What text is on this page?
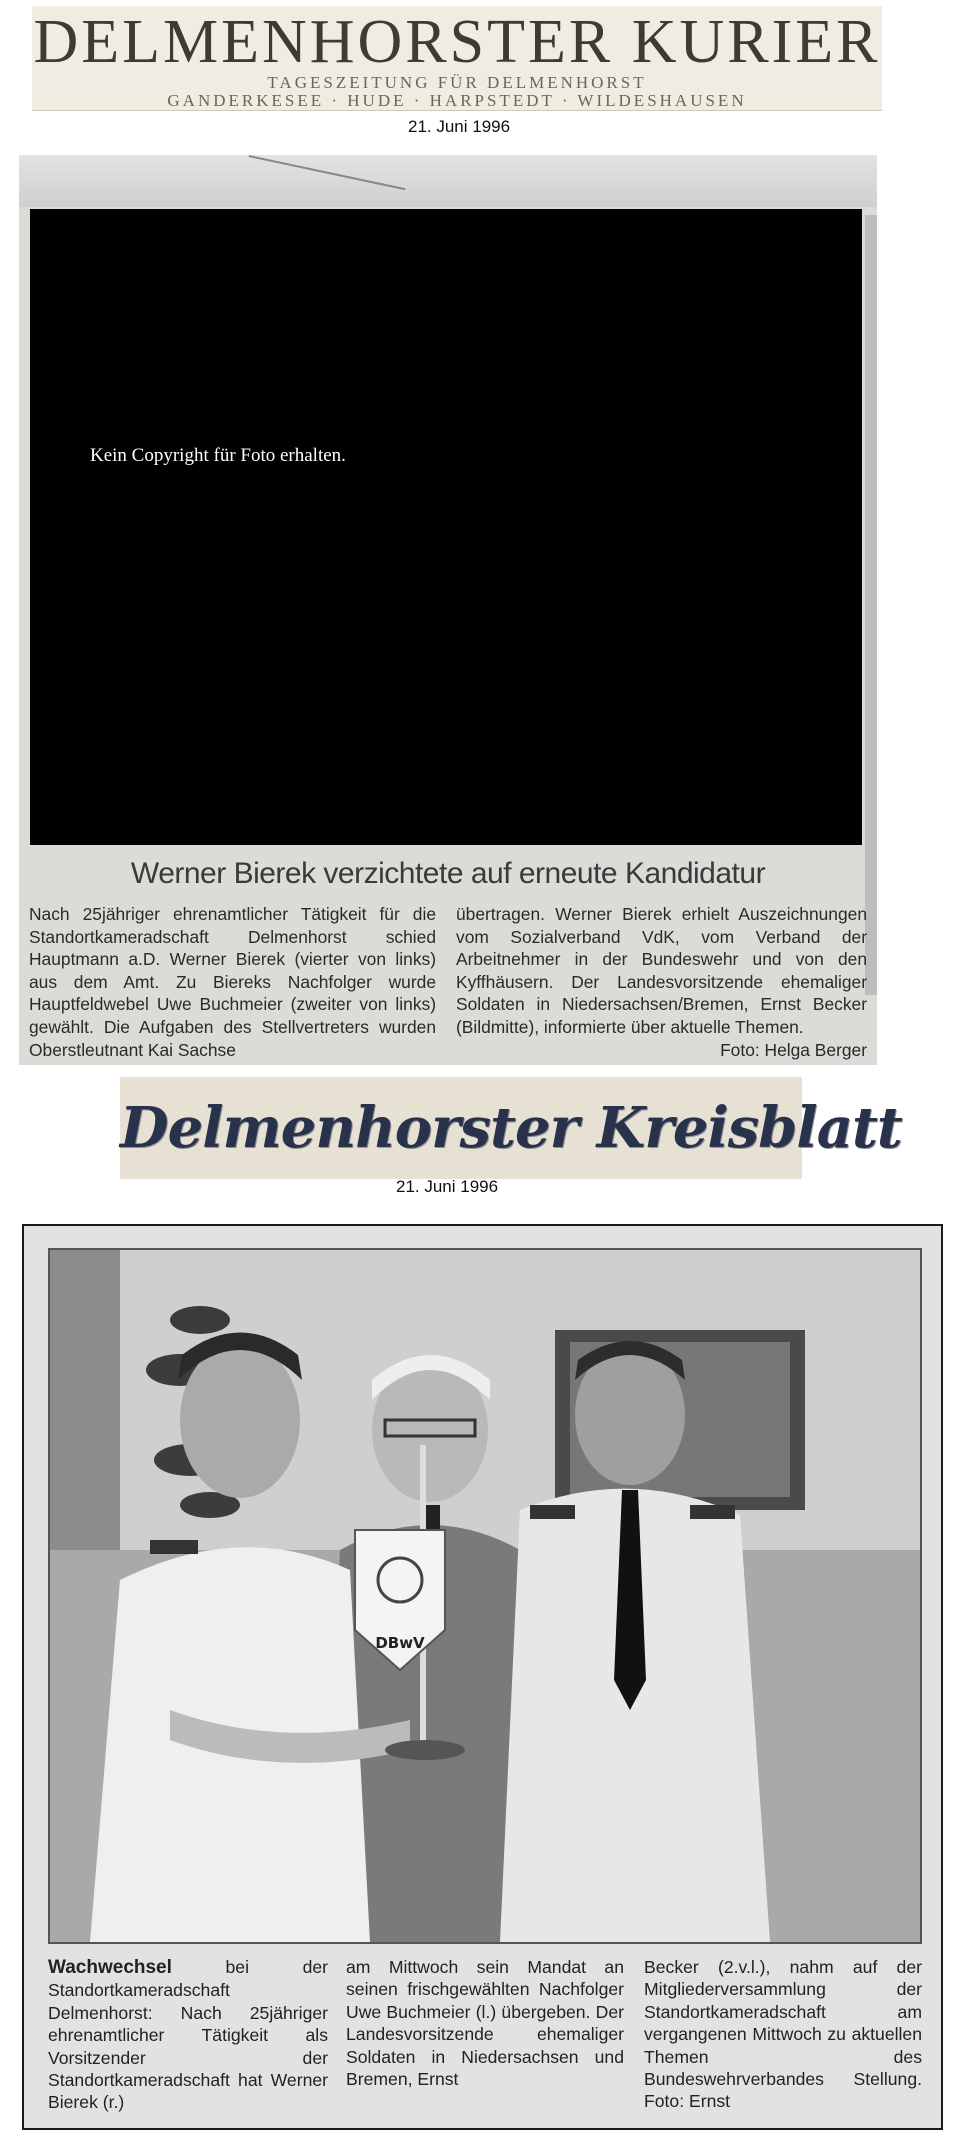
DELMENHORSTER KURIER
TAGESZEITUNG FÜR DELMENHORST
GANDERKESEE · HUDE · HARPSTEDT · WILDESHAUSEN
21. Juni 1996
Kein Copyright für Foto erhalten.
Werner Bierek verzichtete auf erneute Kandidatur
Nach 25jähriger ehrenamtlicher Tätigkeit für die Standortkameradschaft Delmenhorst schied Hauptmann a.D. Werner Bierek (vierter von links) aus dem Amt. Zu Biereks Nachfolger wurde Hauptfeldwebel Uwe Buchmeier (zweiter von links) gewählt. Die Aufgaben des Stellvertreters wurden Oberstleutnant Kai Sachse
übertragen. Werner Bierek erhielt Auszeichnungen vom Sozialverband VdK, vom Verband der Arbeitnehmer in der Bundeswehr und von den Kyffhäusern. Der Landesvorsitzende ehemaliger Soldaten in Niedersachsen/Bremen, Ernst Becker (Bildmitte), informierte über aktuelle Themen.
Foto: Helga Berger
Delmenhorster Kreisblatt
21. Juni 1996
DBwV
Wachwechsel	bei der Standortkameradschaft Delmenhorst: Nach 25jähriger ehrenamtlicher Tätigkeit als Vorsitzender der Standortkameradschaft hat Werner Bierek (r.)
am Mittwoch sein Mandat an seinen frischgewählten Nachfolger Uwe Buchmeier (l.) übergeben. Der Landesvorsitzende ehemaliger Soldaten in Niedersachsen und Bremen, Ernst
Becker (2.v.l.), nahm auf der Mitgliederversammlung der Standortkameradschaft am vergangenen Mittwoch zu aktuellen Themen des Bundeswehrverbandes Stellung. Foto: Ernst
